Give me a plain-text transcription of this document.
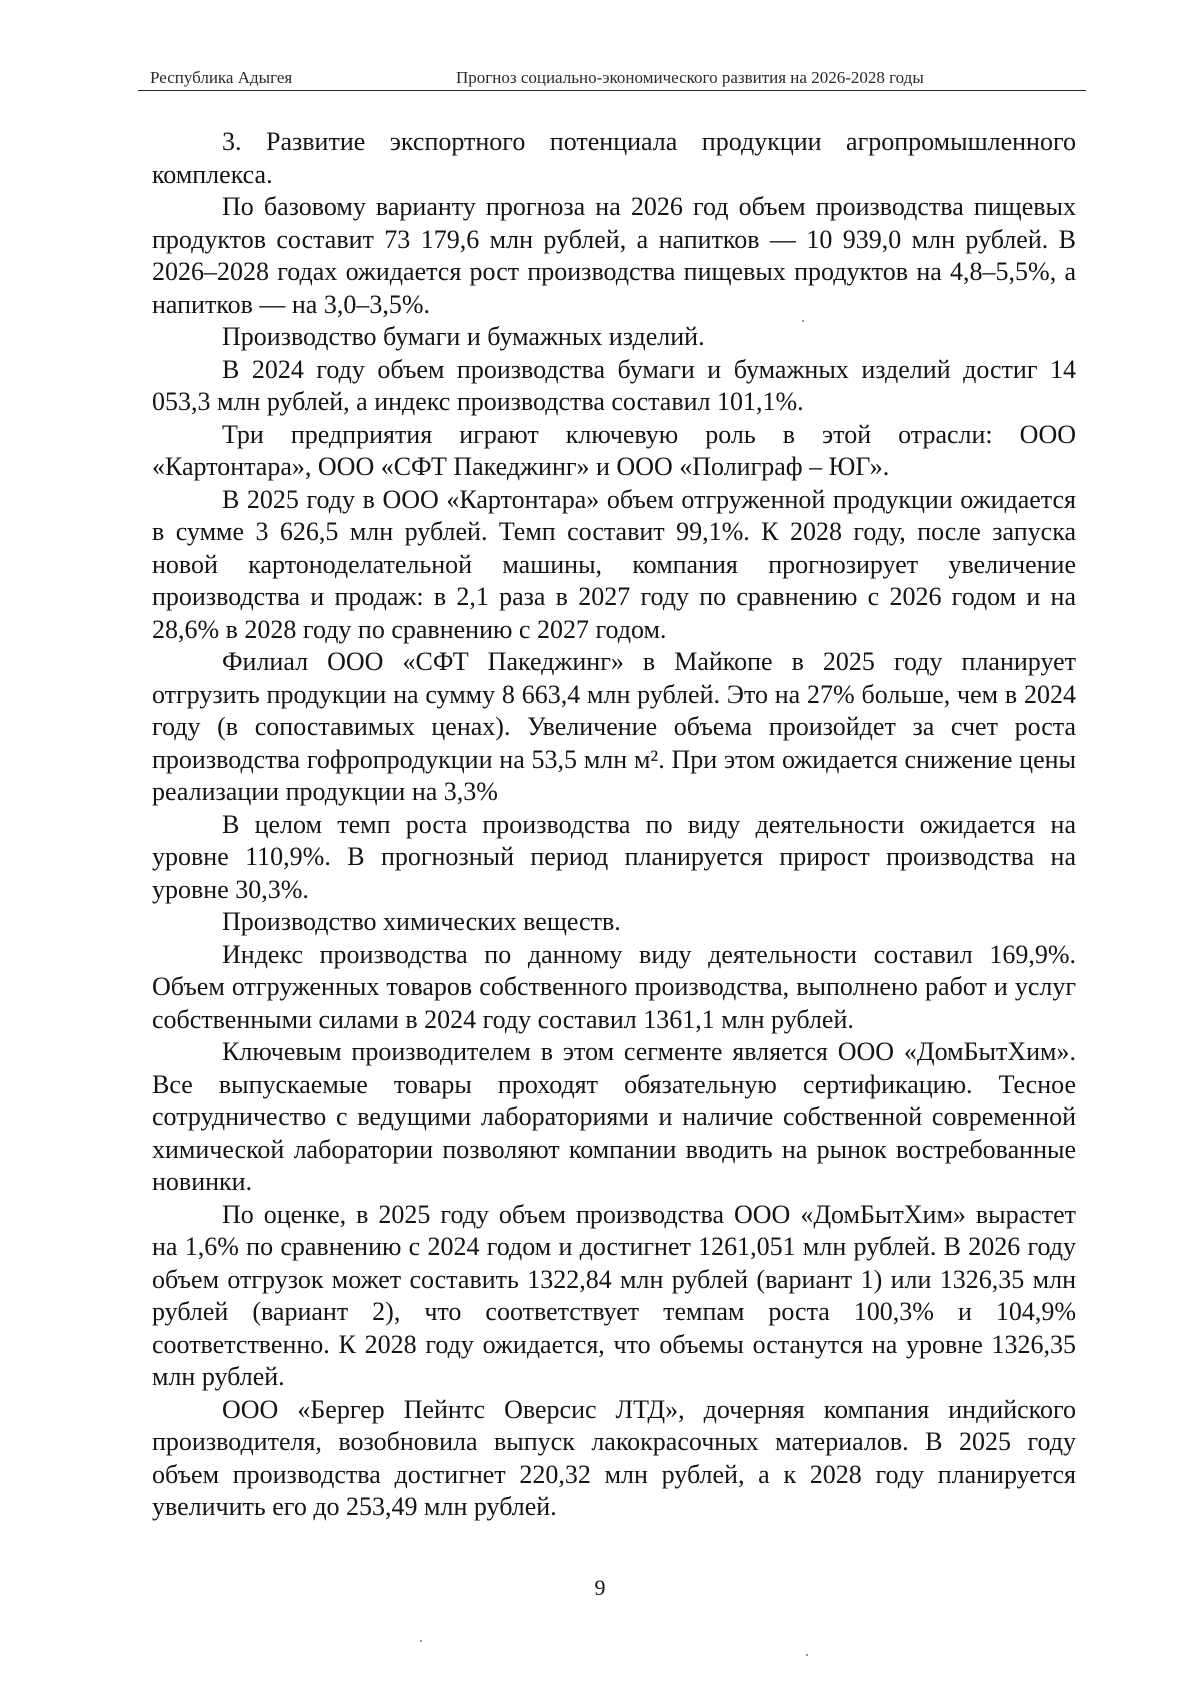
Республика Адыгея	Прогноз социально-экономического развития на 2026-2028 годы

3. Развитие экспортного потенциала продукции агропромышленного комплекса.

По базовому варианту прогноза на 2026 год объем производства пищевых продуктов составит 73 179,6 млн рублей, а напитков — 10 939,0 млн рублей. В 2026–2028 годах ожидается рост производства пищевых продуктов на 4,8–5,5%, а напитков — на 3,0–3,5%.

Производство бумаги и бумажных изделий.

В 2024 году объем производства бумаги и бумажных изделий достиг 14 053,3 млн рублей, а индекс производства составил 101,1%.

Три предприятия играют ключевую роль в этой отрасли: ООО «Картонтара», ООО «СФТ Пакеджинг» и ООО «Полиграф – ЮГ».

В 2025 году в ООО «Картонтара» объем отгруженной продукции ожидается в сумме 3 626,5 млн рублей. Темп составит 99,1%. К 2028 году, после запуска новой картоноделательной машины, компания прогнозирует увеличение производства и продаж: в 2,1 раза в 2027 году по сравнению с 2026 годом и на 28,6% в 2028 году по сравнению с 2027 годом.

Филиал ООО «СФТ Пакеджинг» в Майкопе в 2025 году планирует отгрузить продукции на сумму 8 663,4 млн рублей. Это на 27% больше, чем в 2024 году (в сопоставимых ценах). Увеличение объема произойдет за счет роста производства гофропродукции на 53,5 млн м². При этом ожидается снижение цены реализации продукции на 3,3%

В целом темп роста производства по виду деятельности ожидается на уровне 110,9%. В прогнозный период планируется прирост производства на уровне 30,3%.

Производство химических веществ.

Индекс производства по данному виду деятельности составил 169,9%. Объем отгруженных товаров собственного производства, выполнено работ и услуг собственными силами в 2024 году составил 1361,1 млн рублей.

Ключевым производителем в этом сегменте является ООО «ДомБытХим». Все выпускаемые товары проходят обязательную сертификацию. Тесное сотрудничество с ведущими лабораториями и наличие собственной современной химической лаборатории позволяют компании вводить на рынок востребованные новинки.

По оценке, в 2025 году объем производства ООО «ДомБытХим» вырастет на 1,6% по сравнению с 2024 годом и достигнет 1261,051 млн рублей. В 2026 году объем отгрузок может составить 1322,84 млн рублей (вариант 1) или 1326,35 млн рублей (вариант 2), что соответствует темпам роста 100,3% и 104,9% соответственно. К 2028 году ожидается, что объемы останутся на уровне 1326,35 млн рублей.

ООО «Бергер Пейнтс Оверсис ЛТД», дочерняя компания индийского производителя, возобновила выпуск лакокрасочных материалов. В 2025 году объем производства достигнет 220,32 млн рублей, а к 2028 году планируется увеличить его до 253,49 млн рублей.

9
